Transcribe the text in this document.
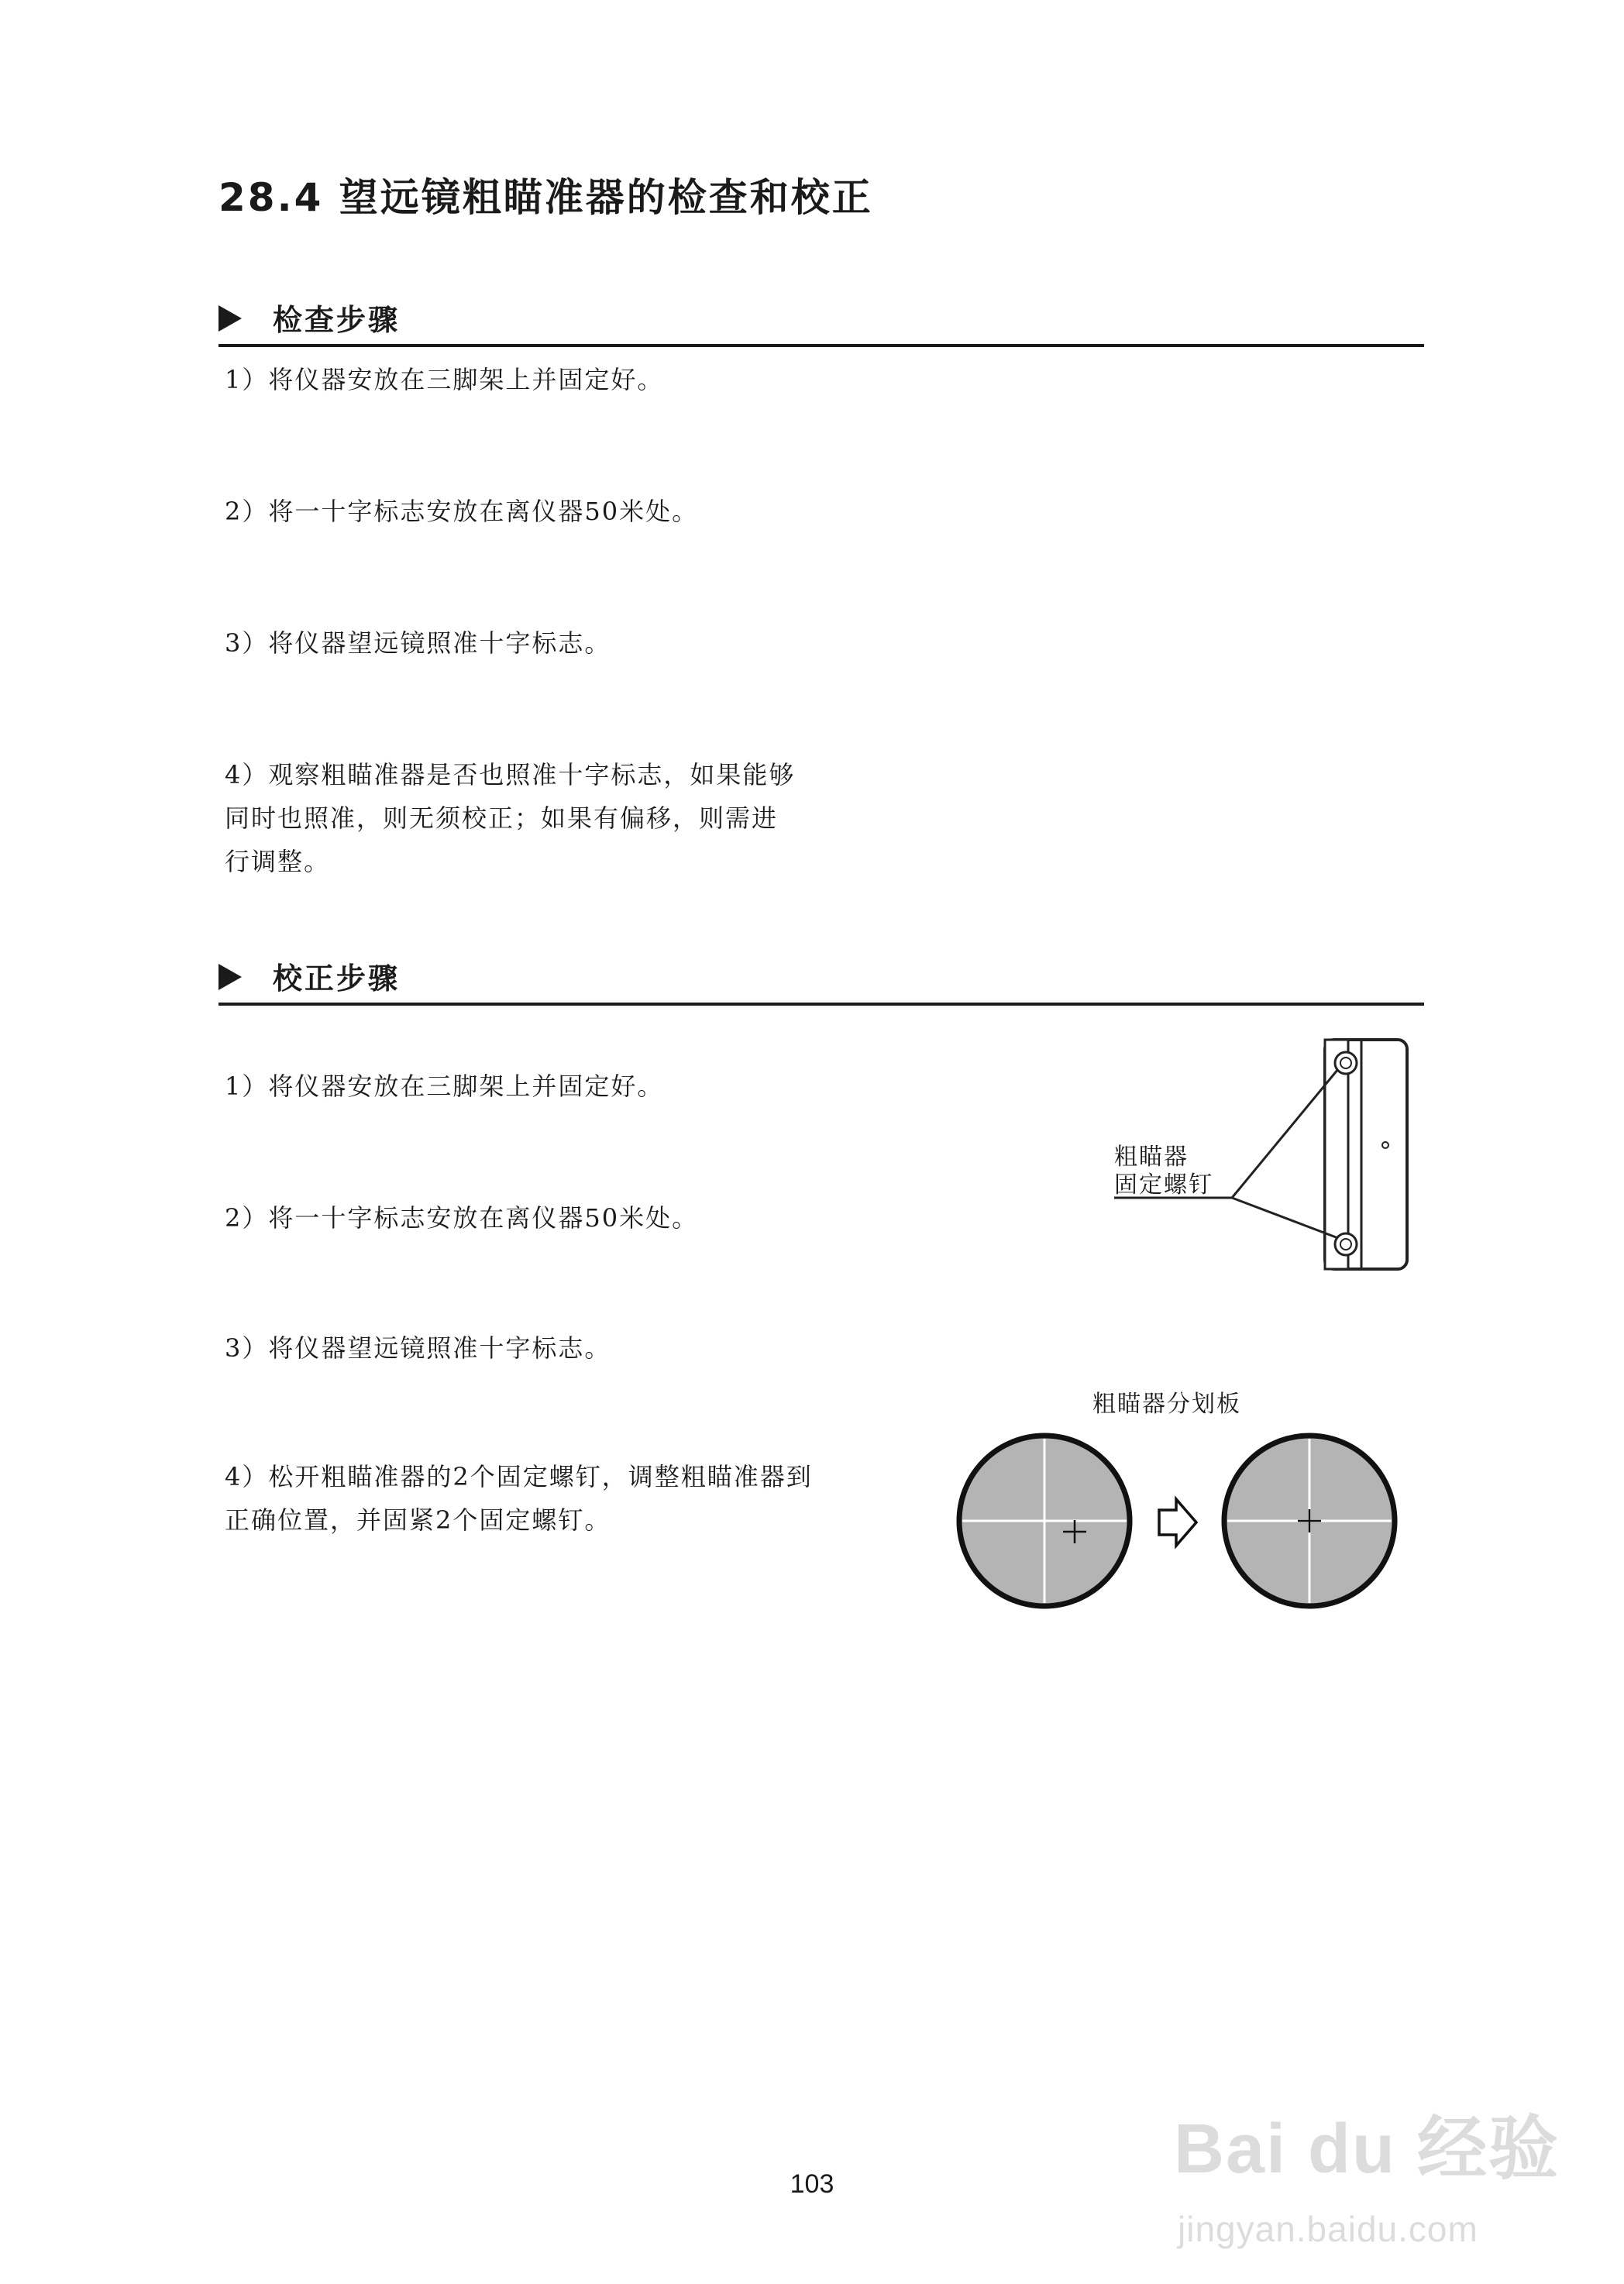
28.4 望远镜粗瞄准器的检查和校正
检查步骤

1）将仪器安放在三脚架上并固定好。

2）将一十字标志安放在离仪器50米处。

3）将仪器望远镜照准十字标志。

4）观察粗瞄准器是否也照准十字标志，如果能够
同时也照准，则无须校正；如果有偏移，则需进
行调整。
校正步骤

1）将仪器安放在三脚架上并固定好。

2）将一十字标志安放在离仪器50米处。

3）将仪器望远镜照准十字标志。

4）松开粗瞄准器的2个固定螺钉，调整粗瞄准器到
正确位置，并固紧2个固定螺钉。
粗瞄器
固定螺钉
粗瞄器分划板
103	Bai du 经验
jingyan.baidu.com
